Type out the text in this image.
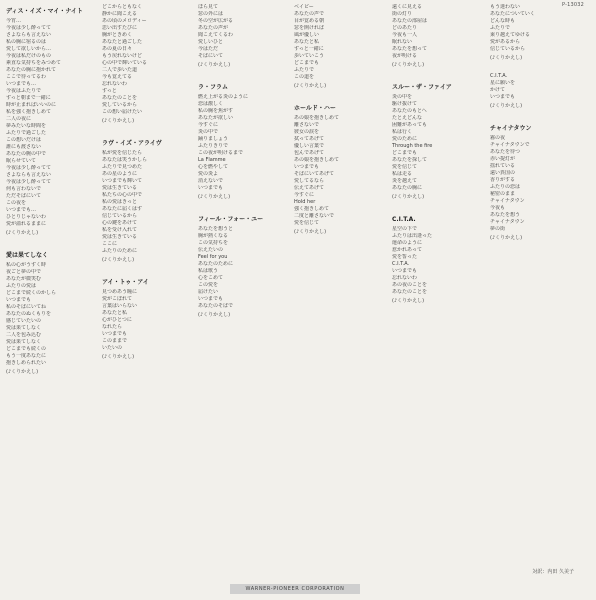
P-13032
ディス・イズ・マイ・ナイト
今宵…
今夜は少し酔ってて
さよならも言えない
私の胸に宿るのは
愛して欲しいから…
今夜は私だけのもの
素直な気持ちをみつめて
あなたの胸に抱かれて
ここで待ってるわ
いつまでも…
今夜はふたりで
ずっと朝まで一緒に
時が止まればいいのに
私を強く抱きしめて
二人の夜に
夢みたいな時間を
ふたりで過ごした
この想いだけは
誰にも渡さない
あなたの腕の中で
眠らせていて
今夜は少し酔ってて
さよならも言えない
今夜は少し酔ってて
何も言わないで
ただそばにいて
この夜を
いつまでも…
ひとりじゃないわ
愛が溢れるままに
(♪くりかえし)
愛は果てしなく
私の心がうずく時
夜ごと夢の中で
あなたが微笑む
ふたりの愛は
どこまで続くのかしら
いつまでも
私のそばにいてね
あなたのぬくもりを
感じていたいの
愛は果てしなく
二人を包み込む
愛は果てしなく
どこまでも続くの
もう一度あなたに
抱きしめられたい
(♪くりかえし)
どこからともなく
静かに聞こえる
あの頃のメロディー
思い出すたびに
胸がときめく
あなたと過ごした
あの夏の日々
もう戻れないけど
心の中で輝いている
二人で歩いた道
今も覚えてる
忘れないわ
ずっと
あなたのことを
愛しているから
この想い届けたい
(♪くりかえし)
ラヴ・イズ・アライヴ
私が愛を信じたら
あなたは笑うかしら
ふたりで見つめた
あの星のように
いつまでも輝いて
愛は生きている
私たちの心の中で
私の愛はきっと
あなたに届くはず
信じているから
心の鍵をあけて
私を受け入れて
愛は生きている
ここに
ふたりのために
(♪くりかえし)
アイ・トゥ・アイ
見つめあう瞳に
愛がこぼれて
言葉はいらない
あなたと私
心がひとつに
なれたら
いつまでも
このままで
いたいの
(♪くりかえし)
ほら見て
窓の外には
冬の空が広がる
あなたの声が
聞こえてくるわ
愛しいひと
今はただ
そばにいて
(♪くりかえし)
ラ・フラム
燃え上がる炎のように
恋は激しく
私の胸を焦がす
あなたが欲しい
今すぐに
炎の中で
踊りましょう
ふたりきりで
この夜が明けるまで
La Flamme
心を燃やして
愛の炎よ
消えないで
いつまでも
(♪くりかえし)
フィール・フォー・ユー
あなたを想うと
胸が熱くなる
この気持ちを
伝えたいの
Feel for you
あなたのために
私は歌う
心をこめて
この愛を
届けたい
いつまでも
あなたのそばで
(♪くりかえし)
ベイビー
あなたの声で
目が覚める朝
窓を開ければ
風が優しい
あなたと私
ずっと一緒に
歩いていこう
どこまでも
ふたりで
この道を
(♪くりかえし)
ホールド・ハー
あの娘を抱きしめて
離さないで
彼女の涙を
拭ってあげて
優しい言葉で
包んであげて
あの娘を抱きしめて
いつまでも
そばにいてあげて
愛してるなら
伝えてあげて
今すぐに
Hold her
強く抱きしめて
二度と離さないで
愛を信じて
(♪くりかえし)
遠くに見える
街の灯り
あなたの部屋は
どのあたり
今夜も一人
眠れない
あなたを想って
夜が明ける
(♪くりかえし)
スルー・ザ・ファイア
炎の中を
駆け抜けて
あなたのもとへ
たとえどんな
困難があっても
私は行く
愛のために
Through the fire
どこまでも
あなたを探して
愛を信じて
私は走る
炎を越えて
あなたの胸に
(♪くりかえし)
C.I.T.A.
星空の下で
ふたりは出逢った
運命のように
惹かれあって
愛を誓った
C.I.T.A.
いつまでも
忘れないわ
あの夜のことを
あなたのことを
(♪くりかえし)
もう迷わない
あなたについていく
どんな時も
ふたりで
乗り越えてゆける
愛があるから
信じているから
(♪くりかえし)
C.I.T.A.
星に願いを
かけて
いつまでも
(♪くりかえし)
チャイナタウン
霧の夜
チャイナタウンで
あなたを待つ
赤い提灯が
揺れている
遠い異国の
香りがする
ふたりの恋は
秘密のまま
チャイナタウン
今夜も
あなたを想う
チャイナタウン
夢の街
(♪くりかえし)
対訳：内田 久美子
WARNER-PIONEER CORPORATION
